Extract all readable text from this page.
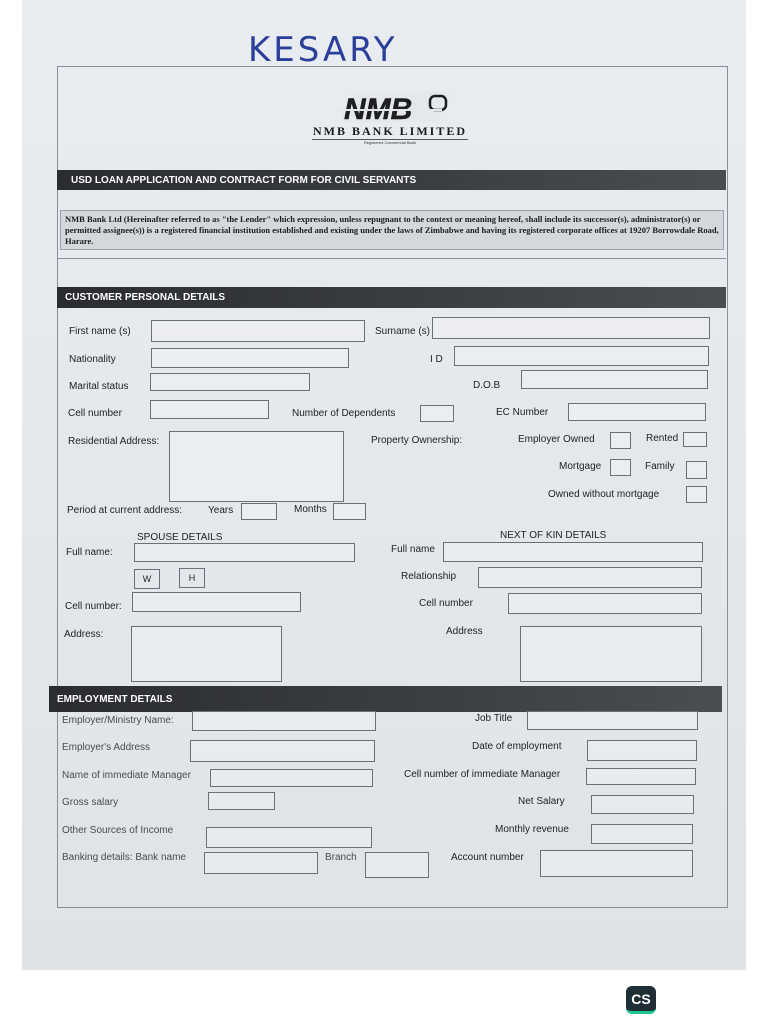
KESARY
NMB
NMB BANK LIMITED
Registered Commercial Bank
USD LOAN APPLICATION AND CONTRACT FORM FOR CIVIL SERVANTS
NMB Bank Ltd (Hereinafter referred to as "the Lender" which expression, unless repugnant to the context or meaning hereof, shall include its successor(s), administrator(s) or permitted assignee(s)) is a registered financial institution established and existing under the laws of Zimbabwe and having its registered corporate offices at 19207 Borrowdale Road, Harare.
CUSTOMER PERSONAL DETAILS
First name (s)	Surname (s)
Nationality	I D
Marital status	D.O.B
Cell number	Number of Dependents	EC Number
Residential Address:	Property Ownership:	Employer Owned	Rented
Mortgage	Family
Owned without mortgage
Period at current address:	Years	Months
SPOUSE DETAILS	NEXT OF KIN DETAILS
Full name:	Full name
W	H	Relationship
Cell number:	Cell number
Address:	Address
EMPLOYMENT DETAILS
Employer/Ministry Name:	Job Title
Employer's Address	Date of employment
Name of immediate Manager	Cell number of immediate Manager
Gross salary	Net Salary
Other Sources of Income	Monthly revenue
Banking details: Bank name	Branch	Account number
CS
